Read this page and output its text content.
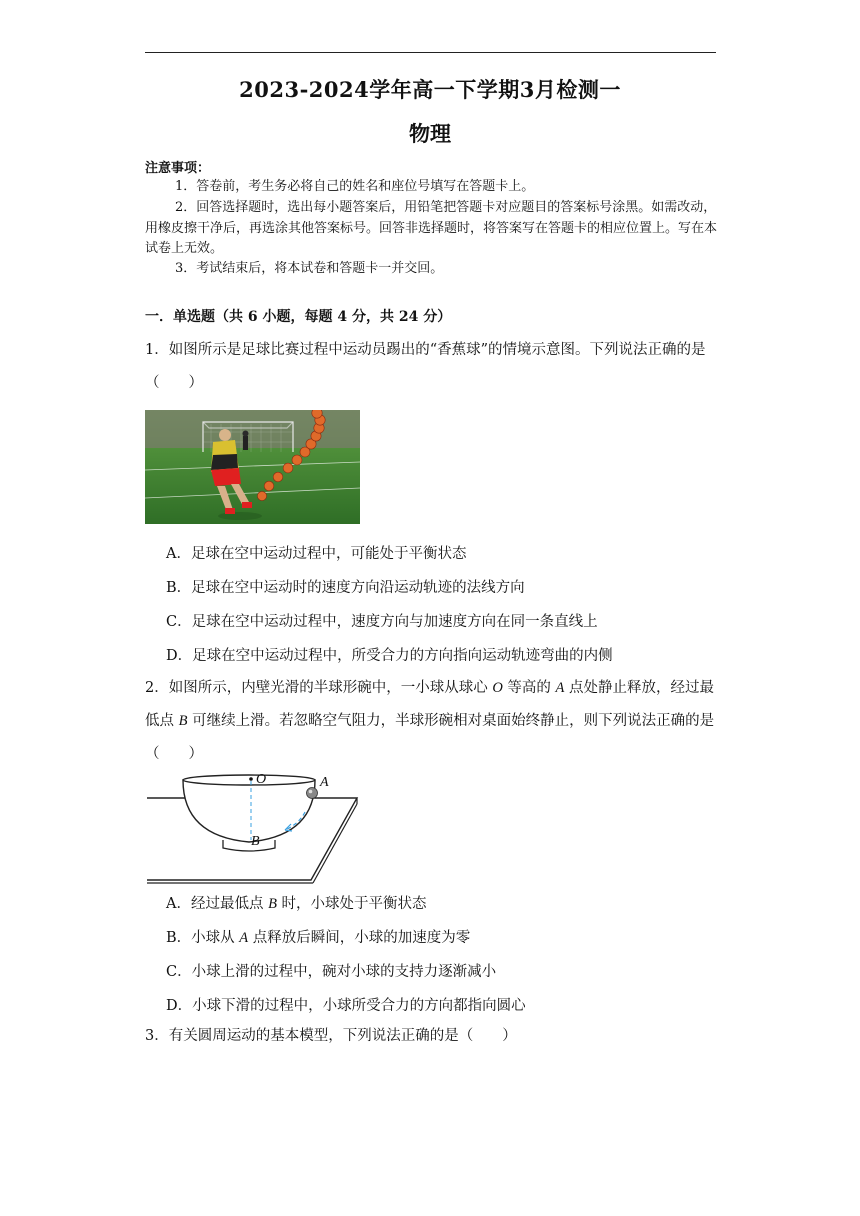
2023-2024学年高一下学期3月检测一
物理
注意事项：
1．答卷前，考生务必将自己的姓名和座位号填写在答题卡上。
2．回答选择题时，选出每小题答案后，用铅笔把答题卡对应题目的答案标号涂黑。如需改动，用橡皮擦干净后，再选涂其他答案标号。回答非选择题时，将答案写在答题卡的相应位置上。写在本试卷上无效。
3．考试结束后，将本试卷和答题卡一并交回。
一．单选题（共 6 小题，每题 4 分，共 24 分）
1．如图所示是足球比赛过程中运动员踢出的“香蕉球”的情境示意图。下列说法正确的是（　　）
A．足球在空中运动过程中，可能处于平衡状态
B．足球在空中运动时的速度方向沿运动轨迹的法线方向
C．足球在空中运动过程中，速度方向与加速度方向在同一条直线上
D．足球在空中运动过程中，所受合力的方向指向运动轨迹弯曲的内侧
2．如图所示，内壁光滑的半球形碗中，一小球从球心 O 等高的 A 点处静止释放，经过最低点 B 可继续上滑。若忽略空气阻力，半球形碗相对桌面始终静止，则下列说法正确的是（　　）
O	A
B
A．经过最低点 B 时，小球处于平衡状态
B．小球从 A 点释放后瞬间，小球的加速度为零
C．小球上滑的过程中，碗对小球的支持力逐渐减小
D．小球下滑的过程中，小球所受合力的方向都指向圆心
3．有关圆周运动的基本模型，下列说法正确的是（　　）
